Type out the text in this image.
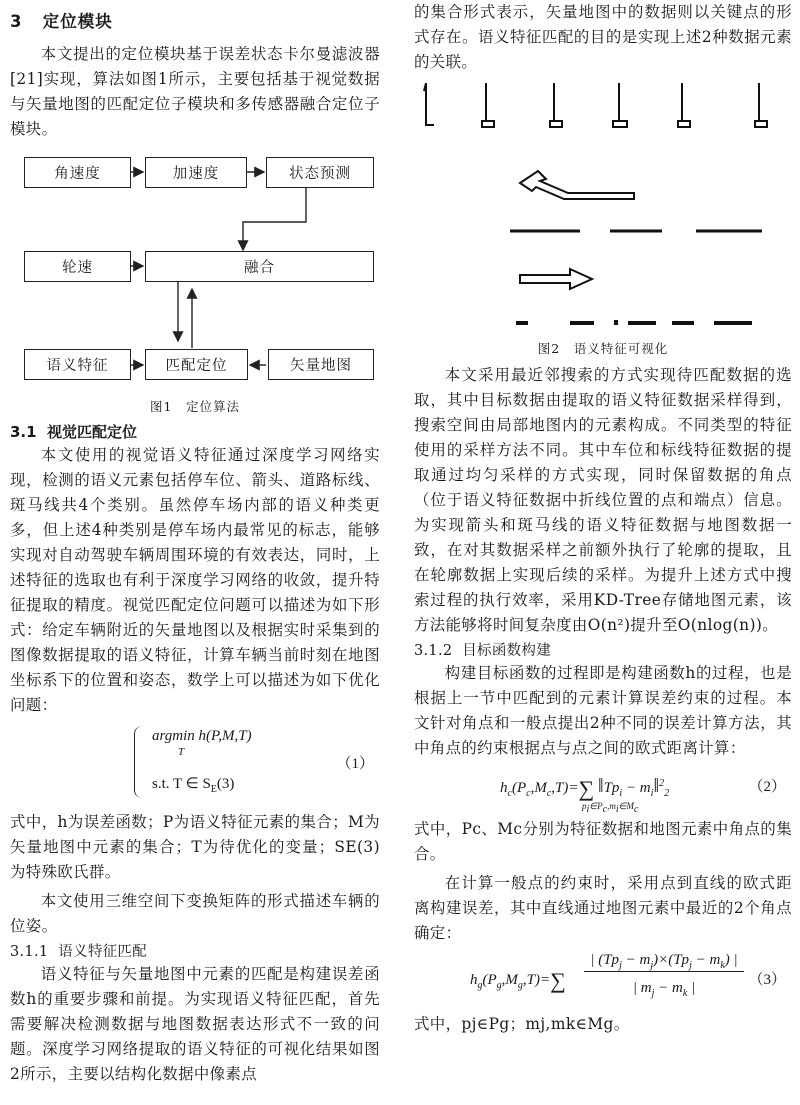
3 定位模块

本文提出的定位模块基于误差状态卡尔曼滤波器[21]实现，算法如图1所示，主要包括基于视觉数据与矢量地图的匹配定位子模块和多传感器融合定位子模块。

角速度	加速度	状态预测
轮速	融合
语义特征	匹配定位	矢量地图
图1　定位算法
3.1 视觉匹配定位

本文使用的视觉语义特征通过深度学习网络实现，检测的语义元素包括停车位、箭头、道路标线、斑马线共4个类别。虽然停车场内部的语义种类更多，但上述4种类别是停车场内最常见的标志，能够实现对自动驾驶车辆周围环境的有效表达，同时，上述特征的选取也有利于深度学习网络的收敛，提升特征提取的精度。视觉匹配定位问题可以描述为如下形式：给定车辆附近的矢量地图以及根据实时采集到的图像数据提取的语义特征，计算车辆当前时刻在地图坐标系下的位置和姿态，数学上可以描述为如下优化问题：

argmin h(P,M,T)
T
s.t. T ∈ $S_E(3)$
（1）

式中，h为误差函数；P为语义特征元素的集合；M为矢量地图中元素的集合；T为待优化的变量；SE(3)为特殊欧氏群。

本文使用三维空间下变换矩阵的形式描述车辆的位姿。

3.1.1 语义特征匹配

语义特征与矢量地图中元素的匹配是构建误差函数h的重要步骤和前提。为实现语义特征匹配，首先需要解决检测数据与地图数据表达形式不一致的问题。深度学习网络提取的语义特征的可视化结果如图2所示，主要以结构化数据中像素点

的集合形式表示，矢量地图中的数据则以关键点的形式存在。语义特征匹配的目的是实现上述2种数据元素的关联。

图2　语义特征可视化

本文采用最近邻搜索的方式实现待匹配数据的选取，其中目标数据由提取的语义特征数据采样得到，搜索空间由局部地图内的元素构成。不同类型的特征使用的采样方法不同。其中车位和标线特征数据的提取通过均匀采样的方式实现，同时保留数据的角点（位于语义特征数据中折线位置的点和端点）信息。为实现箭头和斑马线的语义特征数据与地图数据一致，在对其数据采样之前额外执行了轮廓的提取，且在轮廓数据上实现后续的采样。为提升上述方式中搜索过程的执行效率，采用KD-Tree存储地图元素，该方法能够将时间复杂度由O(n²)提升至O(nlog(n))。

3.1.2 目标函数构建

构建目标函数的过程即是构建函数h的过程，也是根据上一节中匹配到的元素计算误差约束的过程。本文针对角点和一般点提出2种不同的误差计算方法，其中角点的约束根据点与点之间的欧式距离计算：

$h_c(P_c,M_c,T)=\sum$ $‖Tp_i$ − $m_i‖^2_2$
$p_i\in P_c,m_i\in M_c$
（2）

式中，Pc、Mc分别为特征数据和地图元素中角点的集合。

在计算一般点的约束时，采用点到直线的欧式距离构建误差，其中直线通过地图元素中最近的2个角点确定：

$h_g(P_g,M_g,T)=\sum$
| $(Tp_j - m_j)\times(Tp_j - m_k)$ |
| $m_j - m_k$ |	（3）

式中，pj∈Pg；mj,mk∈Mg。
